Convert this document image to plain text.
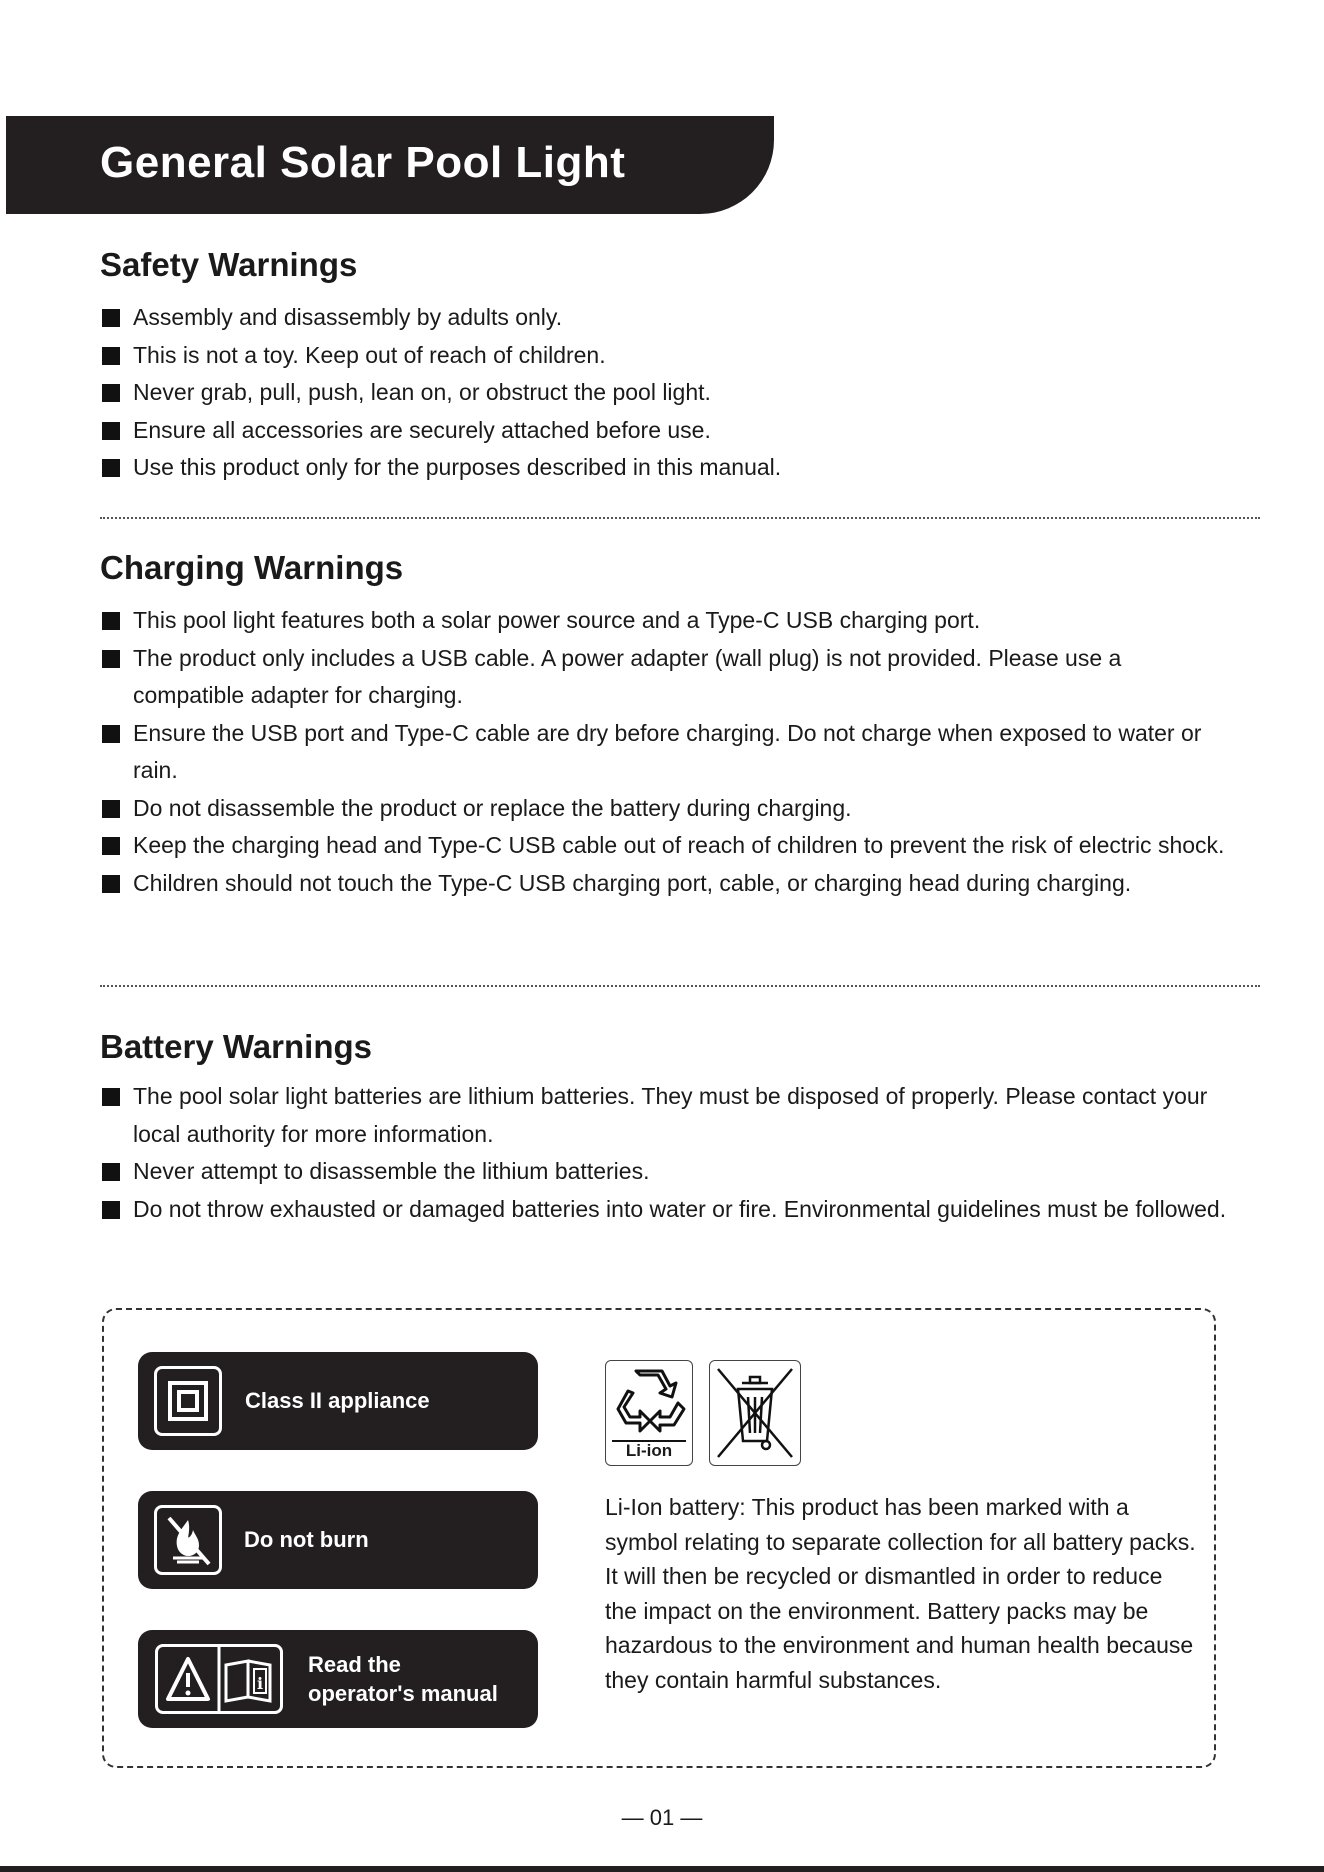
General Solar Pool Light
Safety Warnings
Assembly and disassembly by adults only.
This is not a toy. Keep out of reach of children.
Never grab, pull, push, lean on, or obstruct the pool light.
Ensure all accessories are securely attached before use.
Use this product only for the purposes described in this manual.
Charging Warnings
This pool light features both a solar power source and a Type-C USB charging port.
The product only includes a USB cable. A power adapter (wall plug) is not provided. Please use a compatible adapter for charging.
Ensure the USB port and Type-C cable are dry before charging. Do not charge when exposed to water or rain.
Do not disassemble the product or replace the battery during charging.
Keep the charging head and Type-C USB cable out of reach of children to prevent the risk of electric shock.
Children should not touch the Type-C USB charging port, cable, or charging head during charging.
Battery Warnings
The pool solar light batteries are lithium batteries. They must be disposed of properly. Please contact your local authority for more information.
Never attempt to disassemble the lithium batteries.
Do not throw exhausted or damaged batteries into water or fire. Environmental guidelines must be followed.
Class II appliance
Do not burn
i
Read the
operator's manual
Li-ion
Li-Ion battery: This product has been marked with a symbol relating to separate collection for all battery packs. It will then be recycled or dismantled in order to reduce the impact on the environment. Battery packs may be hazardous to the environment and human health because they contain harmful substances.
— 01 —
